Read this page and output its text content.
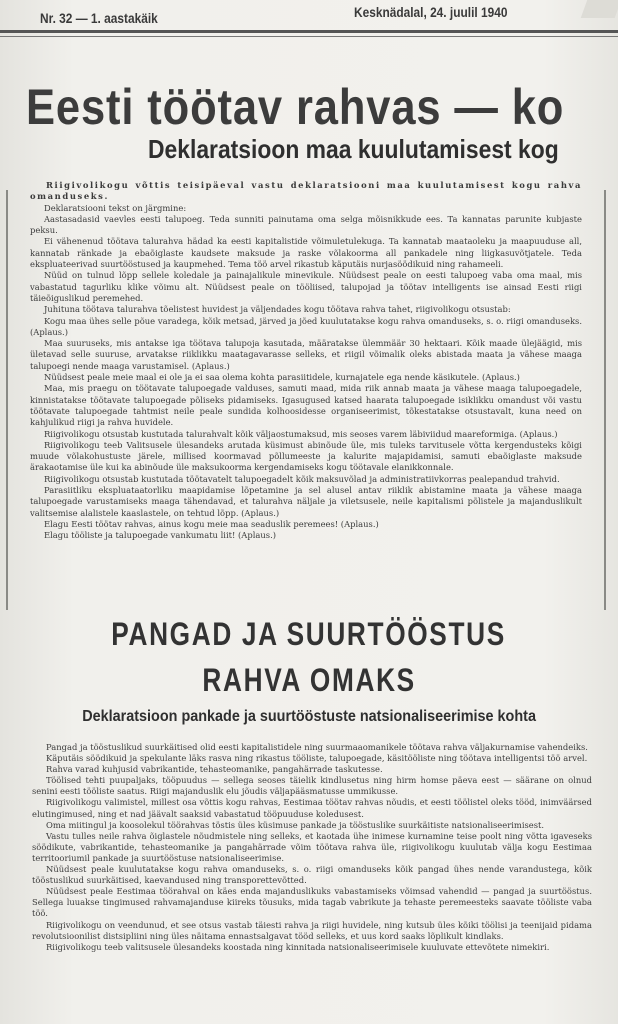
Nr. 32 — 1. aastakäik	Kesknädalal, 24. juulil 1940
Eesti töötav rahvas — ko
Deklaratsioon maa kuulutamisest kog

Riigivolikogu võttis teisipäeval vastu deklaratsiooni maa kuulutamisest kogu rahva omanduseks.

Deklaratsiooni tekst on järgmine:

Aastasadasid vaevles eesti talupoeg. Teda sunniti painutama oma selga mõisnikkude ees. Ta kannatas parunite kubjaste peksu.

Ei vähenenud töötava talurahva hädad ka eesti kapitalistide võimuletulekuga. Ta kannatab maataoleku ja maapuuduse all, kannatab ränkade ja ebaõiglaste kaudsete maksude ja raske võlakoorma all pankadele ning liigkasuvõtjatele. Teda ekspluateerivad suurtööstused ja kaupmehed. Tema töö arvel rikastub käputäis nurjasöödikuid ning rahameeli.

Nüüd on tulnud lõpp sellele koledale ja painajalikule minevikule. Nüüdsest peale on eesti talupoeg vaba oma maal, mis vabastatud tagurliku klike võimu alt. Nüüdsest peale on tööliised, talupojad ja töötav intelligents ise ainsad Eesti riigi täieõiguslikud peremehed.

Juhituna töötava talurahva tõelistest huvidest ja väljendades kogu töötava rahva tahet, riigivolikogu otsustab:

Kogu maa ühes selle põue varadega, kõik metsad, järved ja jõed kuulutatakse kogu rahva omanduseks, s. o. riigi omanduseks. (Aplaus.)

Maa suuruseks, mis antakse iga töötava talupoja kasutada, määratakse ülemmäär 30 hektaari. Kõik maade ülejäägid, mis ületavad selle suuruse, arvatakse riiklikku maatagavarasse selleks, et riigil võimalik oleks abistada maata ja vähese maaga talupoegi nende maaga varustamisel. (Aplaus.)

Nüüdsest peale meie maal ei ole ja ei saa olema kohta parasiitidele, kurnajatele ega nende käsikutele. (Aplaus.)

Maa, mis praegu on töötavate talupoegade valduses, samuti maad, mida riik annab maata ja vähese maaga talupoegadele, kinnistatakse töötavate talupoegade põliseks pidamiseks. Igasugused katsed haarata talupoegade isiklikku omandust või vastu töötavate talupoegade tahtmist neile peale sundida kolhoosidesse organiseerimist, tõkestatakse otsustavalt, kuna need on kahjulikud riigi ja rahva huvidele.

Riigivolikogu otsustab kustutada talurahvalt kõik väljaostumaksud, mis seoses varem läbiviidud maareformiga. (Aplaus.)

Riigivolikogu teeb Valitsusele ülesandeks arutada küsimust abinõude üle, mis tuleks tarvitusele võtta kergendusteks kõigi muude võlakohustuste järele, millised koormavad põllumeeste ja kalurite majapidamisi, samuti ebaõiglaste maksude ärakaotamise üle kui ka abinõude üle maksukoorma kergendamiseks kogu töötavale elanikkonnale.

Riigivolikogu otsustab kustutada töötavatelt talupoegadelt kõik maksuvõlad ja administratiivkorras pealepandud trahvid.

Parasiitliku ekspluataatorliku maapidamise lõpetamine ja sel alusel antav riiklik abistamine maata ja vähese maaga talupoegade varustamiseks maaga tähendavad, et talurahva näljale ja viletsusele, neile kapitalismi põlistele ja majanduslikult valitsemise alalistele kaaslastele, on tehtud lõpp. (Aplaus.)

Elagu Eesti töötav rahvas, ainus kogu meie maa seaduslik peremees! (Aplaus.)

Elagu tööliste ja talupoegade vankumatu liit! (Aplaus.)

PANGAD JA SUURTÖÖSTUS
RAHVA OMAKS
Deklaratsioon pankade ja suurtööstuste natsionaliseerimise kohta

Pangad ja tööstuslikud suurkäitised olid eesti kapitalistidele ning suurmaaomanikele töötava rahva väljakurnamise vahendeiks.

Käputäis söödikuid ja spekulante läks rasva ning rikastus tööliste, talupoegade, käsitööliste ning töötava intelligentsi töö arvel.

Rahva varad kuhjusid vabrikantide, tehasteomanike, pangahärrade taskutesse.

Töölised tehti puupaljaks, tööpuudus — sellega seoses täielik kindlusetus ning hirm homse päeva eest — säärane on olnud senini eesti tööliste saatus. Riigi majanduslik elu jõudis väljapääsmatusse ummikusse.

Riigivolikogu valimistel, millest osa võttis kogu rahvas, Eestimaa töötav rahvas nõudis, et eesti töölistel oleks tööd, inimväärsed elutingimused, ning et nad jäävalt saaksid vabastatud tööpuuduse koledusest.

Oma miitingul ja koosolekul töörahvas töstis üles küsimuse pankade ja tööstuslike suurkäitiste natsionaliseerimisest.

Vastu tulles neile rahva õiglastele nõudmistele ning selleks, et kaotada ühe inimese kurnamine teise poolt ning võtta igaveseks söödikute, vabrikantide, tehasteomanike ja pangahärrade võim töötava rahva üle, riigivolikogu kuulutab välja kogu Eestimaa territooriumil pankade ja suurtööstuse natsionaliseerimise.

Nüüdsest peale kuulutatakse kogu rahva omanduseks, s. o. riigi omanduseks kõik pangad ühes nende varandustega, kõik tööstuslikud suurkäitised, kaevandused ning transporettevõtted.

Nüüdsest peale Eestimaa töörahval on käes enda majanduslikuks vabastamiseks võimsad vahendid — pangad ja suurtööstus. Sellega luuakse tingimused rahvamajanduse kiireks tõusuks, mida tagab vabrikute ja tehaste peremeesteks saavate tööliste vaba töö.

Riigivolikogu on veendunud, et see otsus vastab täiesti rahva ja riigi huvidele, ning kutsub üles kõiki töölisi ja teenijaid pidama revolutsioonilist distsipliini ning üles näitama ennastsalgavat tööd selleks, et uus kord saaks lõplikult kindlaks.

Riigivolikogu teeb valitsusele ülesandeks koostada ning kinnitada natsionaliseerimisele kuuluvate ettevõtete nimekiri.
